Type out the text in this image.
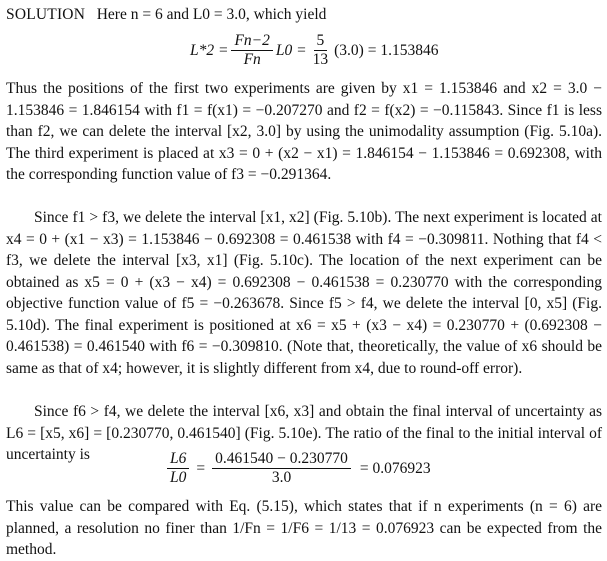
SOLUTION Here n = 6 and L0 = 3.0, which yield
$L*2 = \frac{Fn-2}{Fn} L0 = \frac{5}{13} (3.0) = 1.153846$
Thus the positions of the first two experiments are given by x1 = 1.153846 and x2 = 3.0 − 1.153846 = 1.846154 with f1 = f(x1) = −0.207270 and f2 = f(x2) = −0.115843. Since f1 is less than f2, we can delete the interval [x2, 3.0] by using the unimodality assumption (Fig. 5.10a). The third experiment is placed at x3 = 0 + (x2 − x1) = 1.846154 − 1.153846 = 0.692308, with the corresponding function value of f3 = −0.291364.
Since f1 > f3, we delete the interval [x1, x2] (Fig. 5.10b). The next experiment is located at x4 = 0 + (x1 − x3) = 1.153846 − 0.692308 = 0.461538 with f4 = −0.309811. Nothing that f4 < f3, we delete the interval [x3, x1] (Fig. 5.10c). The location of the next experiment can be obtained as x5 = 0 + (x3 − x4) = 0.692308 − 0.461538 = 0.230770 with the corresponding objective function value of f5 = −0.263678. Since f5 > f4, we delete the interval [0, x5] (Fig. 5.10d). The final experiment is positioned at x6 = x5 + (x3 − x4) = 0.230770 + (0.692308 − 0.461538) = 0.461540 with f6 = −0.309810. (Note that, theoretically, the value of x6 should be same as that of x4; however, it is slightly different from x4, due to round-off error).
Since f6 > f4, we delete the interval [x6, x3] and obtain the final interval of uncertainty as L6 = [x5, x6] = [0.230770, 0.461540] (Fig. 5.10e). The ratio of the final to the initial interval of uncertainty is	$\frac{L6}{L0} = \frac{0.461540 - 0.230770}{3.0} = 0.076923$
This value can be compared with Eq. (5.15), which states that if n experiments (n = 6) are planned, a resolution no finer than 1/Fn = 1/F6 = 1/13 = 0.076923 can be expected from the method.
